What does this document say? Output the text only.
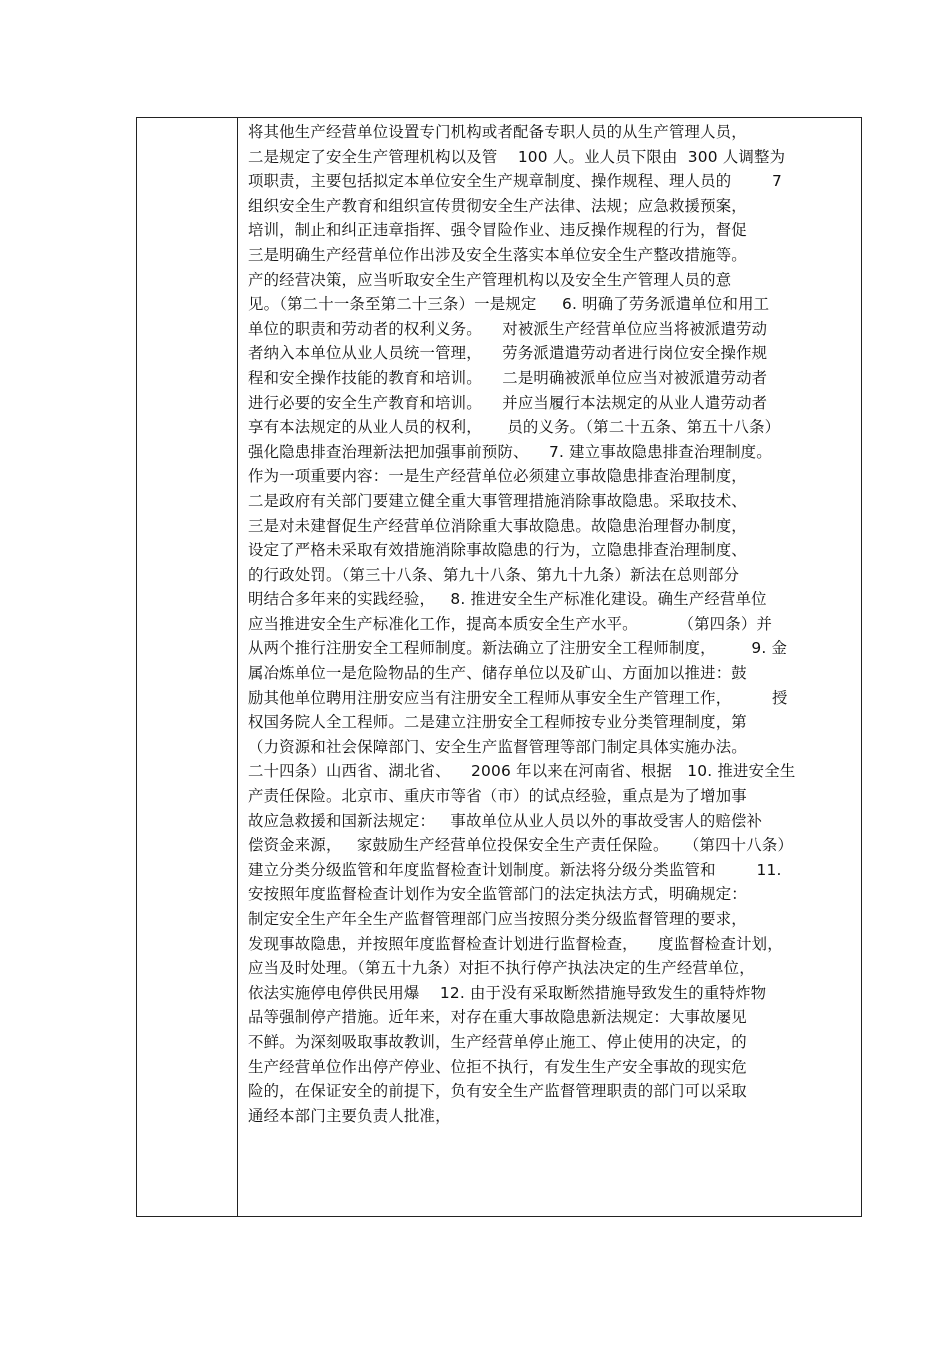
将其他生产经营单位设置专门机构或者配备专职人员的从生产管理人员，
二是规定了安全生产管理机构以及管    100 人。业人员下限由  300 人调整为
项职责，主要包括拟定本单位安全生产规章制度、操作规程、理人员的        7
组织安全生产教育和组织宣传贯彻安全生产法律、法规；应急救援预案，
培训，制止和纠正违章指挥、强令冒险作业、违反操作规程的行为，督促
三是明确生产经营单位作出涉及安全生落实本单位安全生产整改措施等。
产的经营决策，应当听取安全生产管理机构以及安全生产管理人员的意
见。（第二十一条至第二十三条）一是规定     6. 明确了劳务派遣单位和用工
单位的职责和劳动者的权利义务。    对被派生产经营单位应当将被派遣劳动
者纳入本单位从业人员统一管理，    劳务派遣遣劳动者进行岗位安全操作规
程和安全操作技能的教育和培训。    二是明确被派单位应当对被派遣劳动者
进行必要的安全生产教育和培训。    并应当履行本法规定的从业人遣劳动者
享有本法规定的从业人员的权利，     员的义务。（第二十五条、第五十八条）
强化隐患排查治理新法把加强事前预防、    7. 建立事故隐患排查治理制度。
作为一项重要内容：一是生产经营单位必须建立事故隐患排查治理制度，
二是政府有关部门要建立健全重大事管理措施消除事故隐患。采取技术、
三是对未建督促生产经营单位消除重大事故隐患。故隐患治理督办制度，
设定了严格未采取有效措施消除事故隐患的行为，立隐患排查治理制度、
的行政处罚。（第三十八条、第九十八条、第九十九条）新法在总则部分
明结合多年来的实践经验，   8. 推进安全生产标准化建设。确生产经营单位
应当推进安全生产标准化工作，提高本质安全生产水平。        （第四条）并
从两个推行注册安全工程师制度。新法确立了注册安全工程师制度，       9. 金
属冶炼单位一是危险物品的生产、储存单位以及矿山、方面加以推进：鼓
励其他单位聘用注册安应当有注册安全工程师从事安全生产管理工作，        授
权国务院人全工程师。二是建立注册安全工程师按专业分类管理制度，第
（力资源和社会保障部门、安全生产监督管理等部门制定具体实施办法。
二十四条）山西省、湖北省、    2006 年以来在河南省、根据   10. 推进安全生
产责任保险。北京市、重庆市等省（市）的试点经验，重点是为了增加事
故应急救援和国新法规定：   事故单位从业人员以外的事故受害人的赔偿补
偿资金来源，   家鼓励生产经营单位投保安全生产责任保险。   （第四十八条）
建立分类分级监管和年度监督检查计划制度。新法将分级分类监管和        11.
安按照年度监督检查计划作为安全监管部门的法定执法方式，明确规定：
制定安全生产年全生产监督管理部门应当按照分类分级监督管理的要求，
发现事故隐患，并按照年度监督检查计划进行监督检查，    度监督检查计划，
应当及时处理。（第五十九条）对拒不执行停产执法决定的生产经营单位，
依法实施停电停供民用爆    12. 由于没有采取断然措施导致发生的重特炸物
品等强制停产措施。近年来，对存在重大事故隐患新法规定：大事故屡见
不鲜。为深刻吸取事故教训，生产经营单停止施工、停止使用的决定，的
生产经营单位作出停产停业、位拒不执行，有发生生产安全事故的现实危
险的，在保证安全的前提下，负有安全生产监督管理职责的部门可以采取
通经本部门主要负责人批准，
